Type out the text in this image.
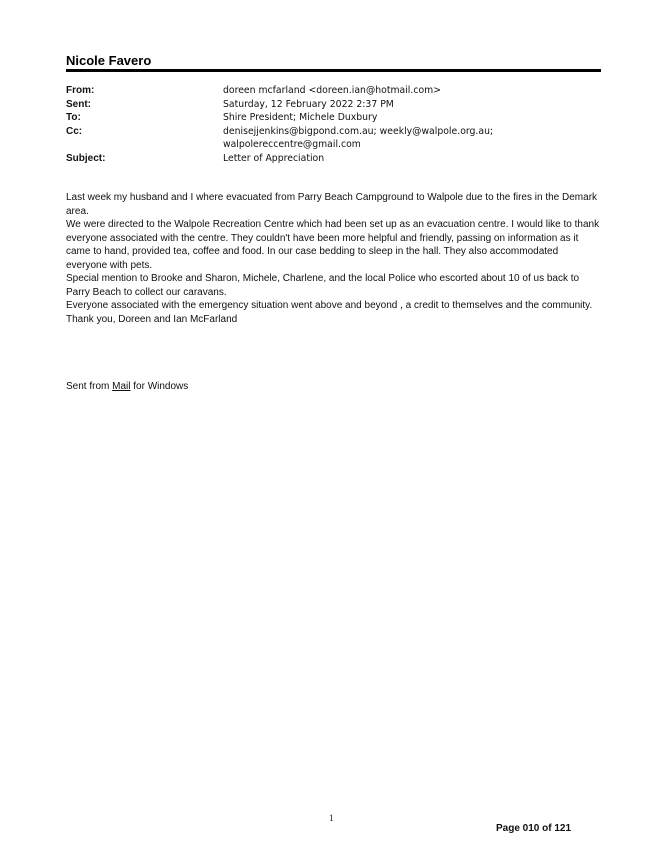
Nicole Favero
From:	doreen mcfarland <doreen.ian@hotmail.com>
Sent:	Saturday, 12 February 2022 2:37 PM
To:	Shire President; Michele Duxbury
Cc:	denisejjenkins@bigpond.com.au; weekly@walpole.org.au;
walpolereccentre@gmail.com
Subject:	Letter of Appreciation

Last week my husband and I where evacuated from Parry Beach Campground to Walpole due to the fires in the Demark area.

We were directed to the Walpole Recreation Centre which had been set up as an evacuation centre. I would like to thank everyone associated with the centre. They couldn't have been more helpful and friendly, passing on information as it came to hand, provided tea, coffee and food. In our case bedding to sleep in the hall. They also accommodated everyone with pets.

Special mention to Brooke and Sharon, Michele, Charlene, and the local Police who escorted about 10 of us back to Parry Beach to collect our caravans.

Everyone associated with the emergency situation went above and beyond , a credit to themselves and the community. Thank you, Doreen and Ian McFarland

Sent from Mail for Windows
1
Page 010 of 121
